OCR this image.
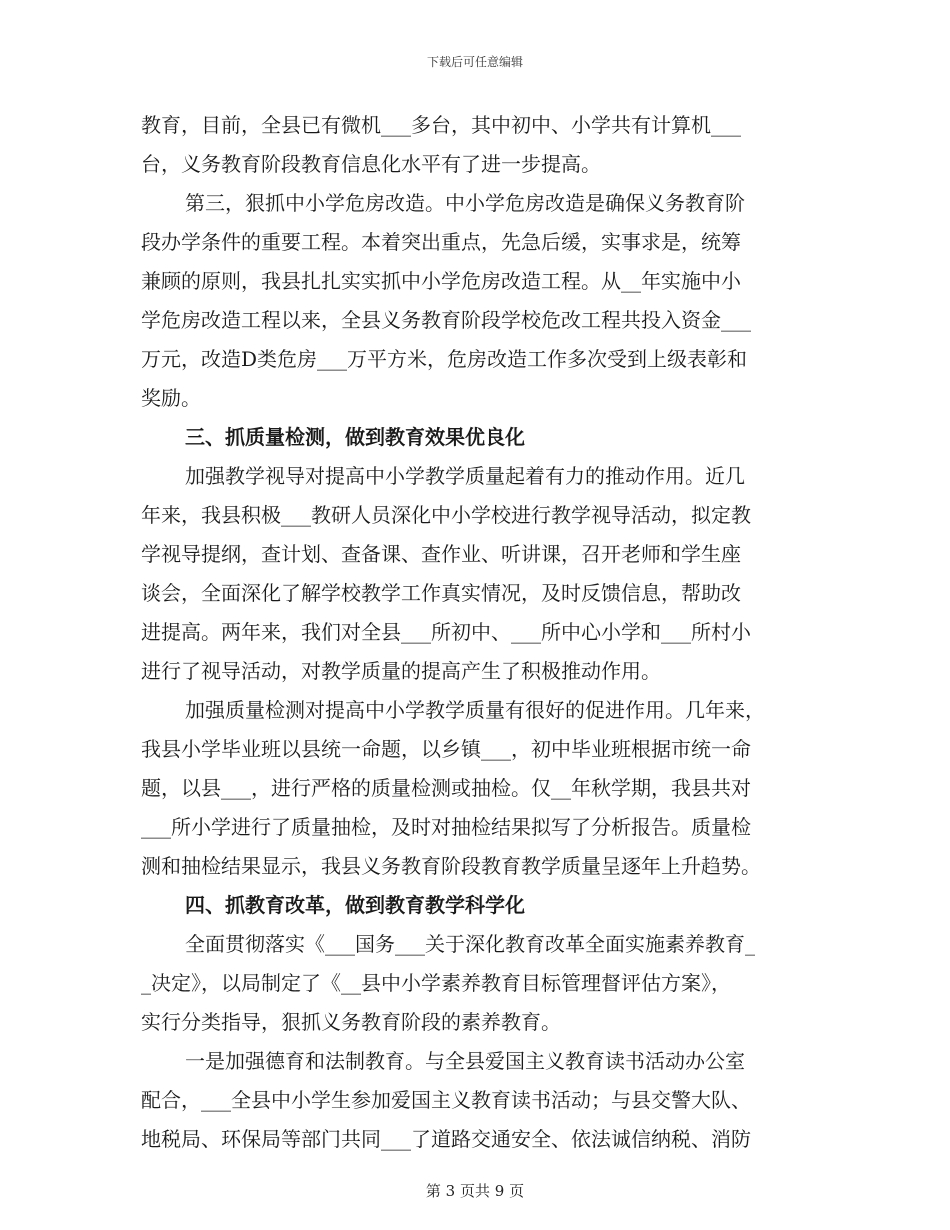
下载后可任意编辑
教育，目前，全县已有微机___多台，其中初中、小学共有计算机___
台，义务教育阶段教育信息化水平有了进一步提高。
第三，狠抓中小学危房改造。中小学危房改造是确保义务教育阶
段办学条件的重要工程。本着突出重点，先急后缓，实事求是，统筹
兼顾的原则，我县扎扎实实抓中小学危房改造工程。从__年实施中小
学危房改造工程以来，全县义务教育阶段学校危改工程共投入资金___
万元，改造D类危房___万平方米，危房改造工作多次受到上级表彰和
奖励。
三、抓质量检测，做到教育效果优良化
加强教学视导对提高中小学教学质量起着有力的推动作用。近几
年来，我县积极___教研人员深化中小学校进行教学视导活动，拟定教
学视导提纲，查计划、查备课、查作业、听讲课，召开老师和学生座
谈会，全面深化了解学校教学工作真实情况，及时反馈信息，帮助改
进提高。两年来，我们对全县___所初中、___所中心小学和___所村小
进行了视导活动，对教学质量的提高产生了积极推动作用。
加强质量检测对提高中小学教学质量有很好的促进作用。几年来，
我县小学毕业班以县统一命题，以乡镇___，初中毕业班根据市统一命
题，以县___，进行严格的质量检测或抽检。仅__年秋学期，我县共对
___所小学进行了质量抽检，及时对抽检结果拟写了分析报告。质量检
测和抽检结果显示，我县义务教育阶段教育教学质量呈逐年上升趋势。
四、抓教育改革，做到教育教学科学化
全面贯彻落实《___国务___关于深化教育改革全面实施素养教育_
_决定》，以局制定了《__县中小学素养教育目标管理督评估方案》，
实行分类指导，狠抓义务教育阶段的素养教育。
一是加强德育和法制教育。与全县爱国主义教育读书活动办公室
配合，___全县中小学生参加爱国主义教育读书活动；与县交警大队、
地税局、环保局等部门共同___了道路交通安全、依法诚信纳税、消防
第 3 页共 9 页
